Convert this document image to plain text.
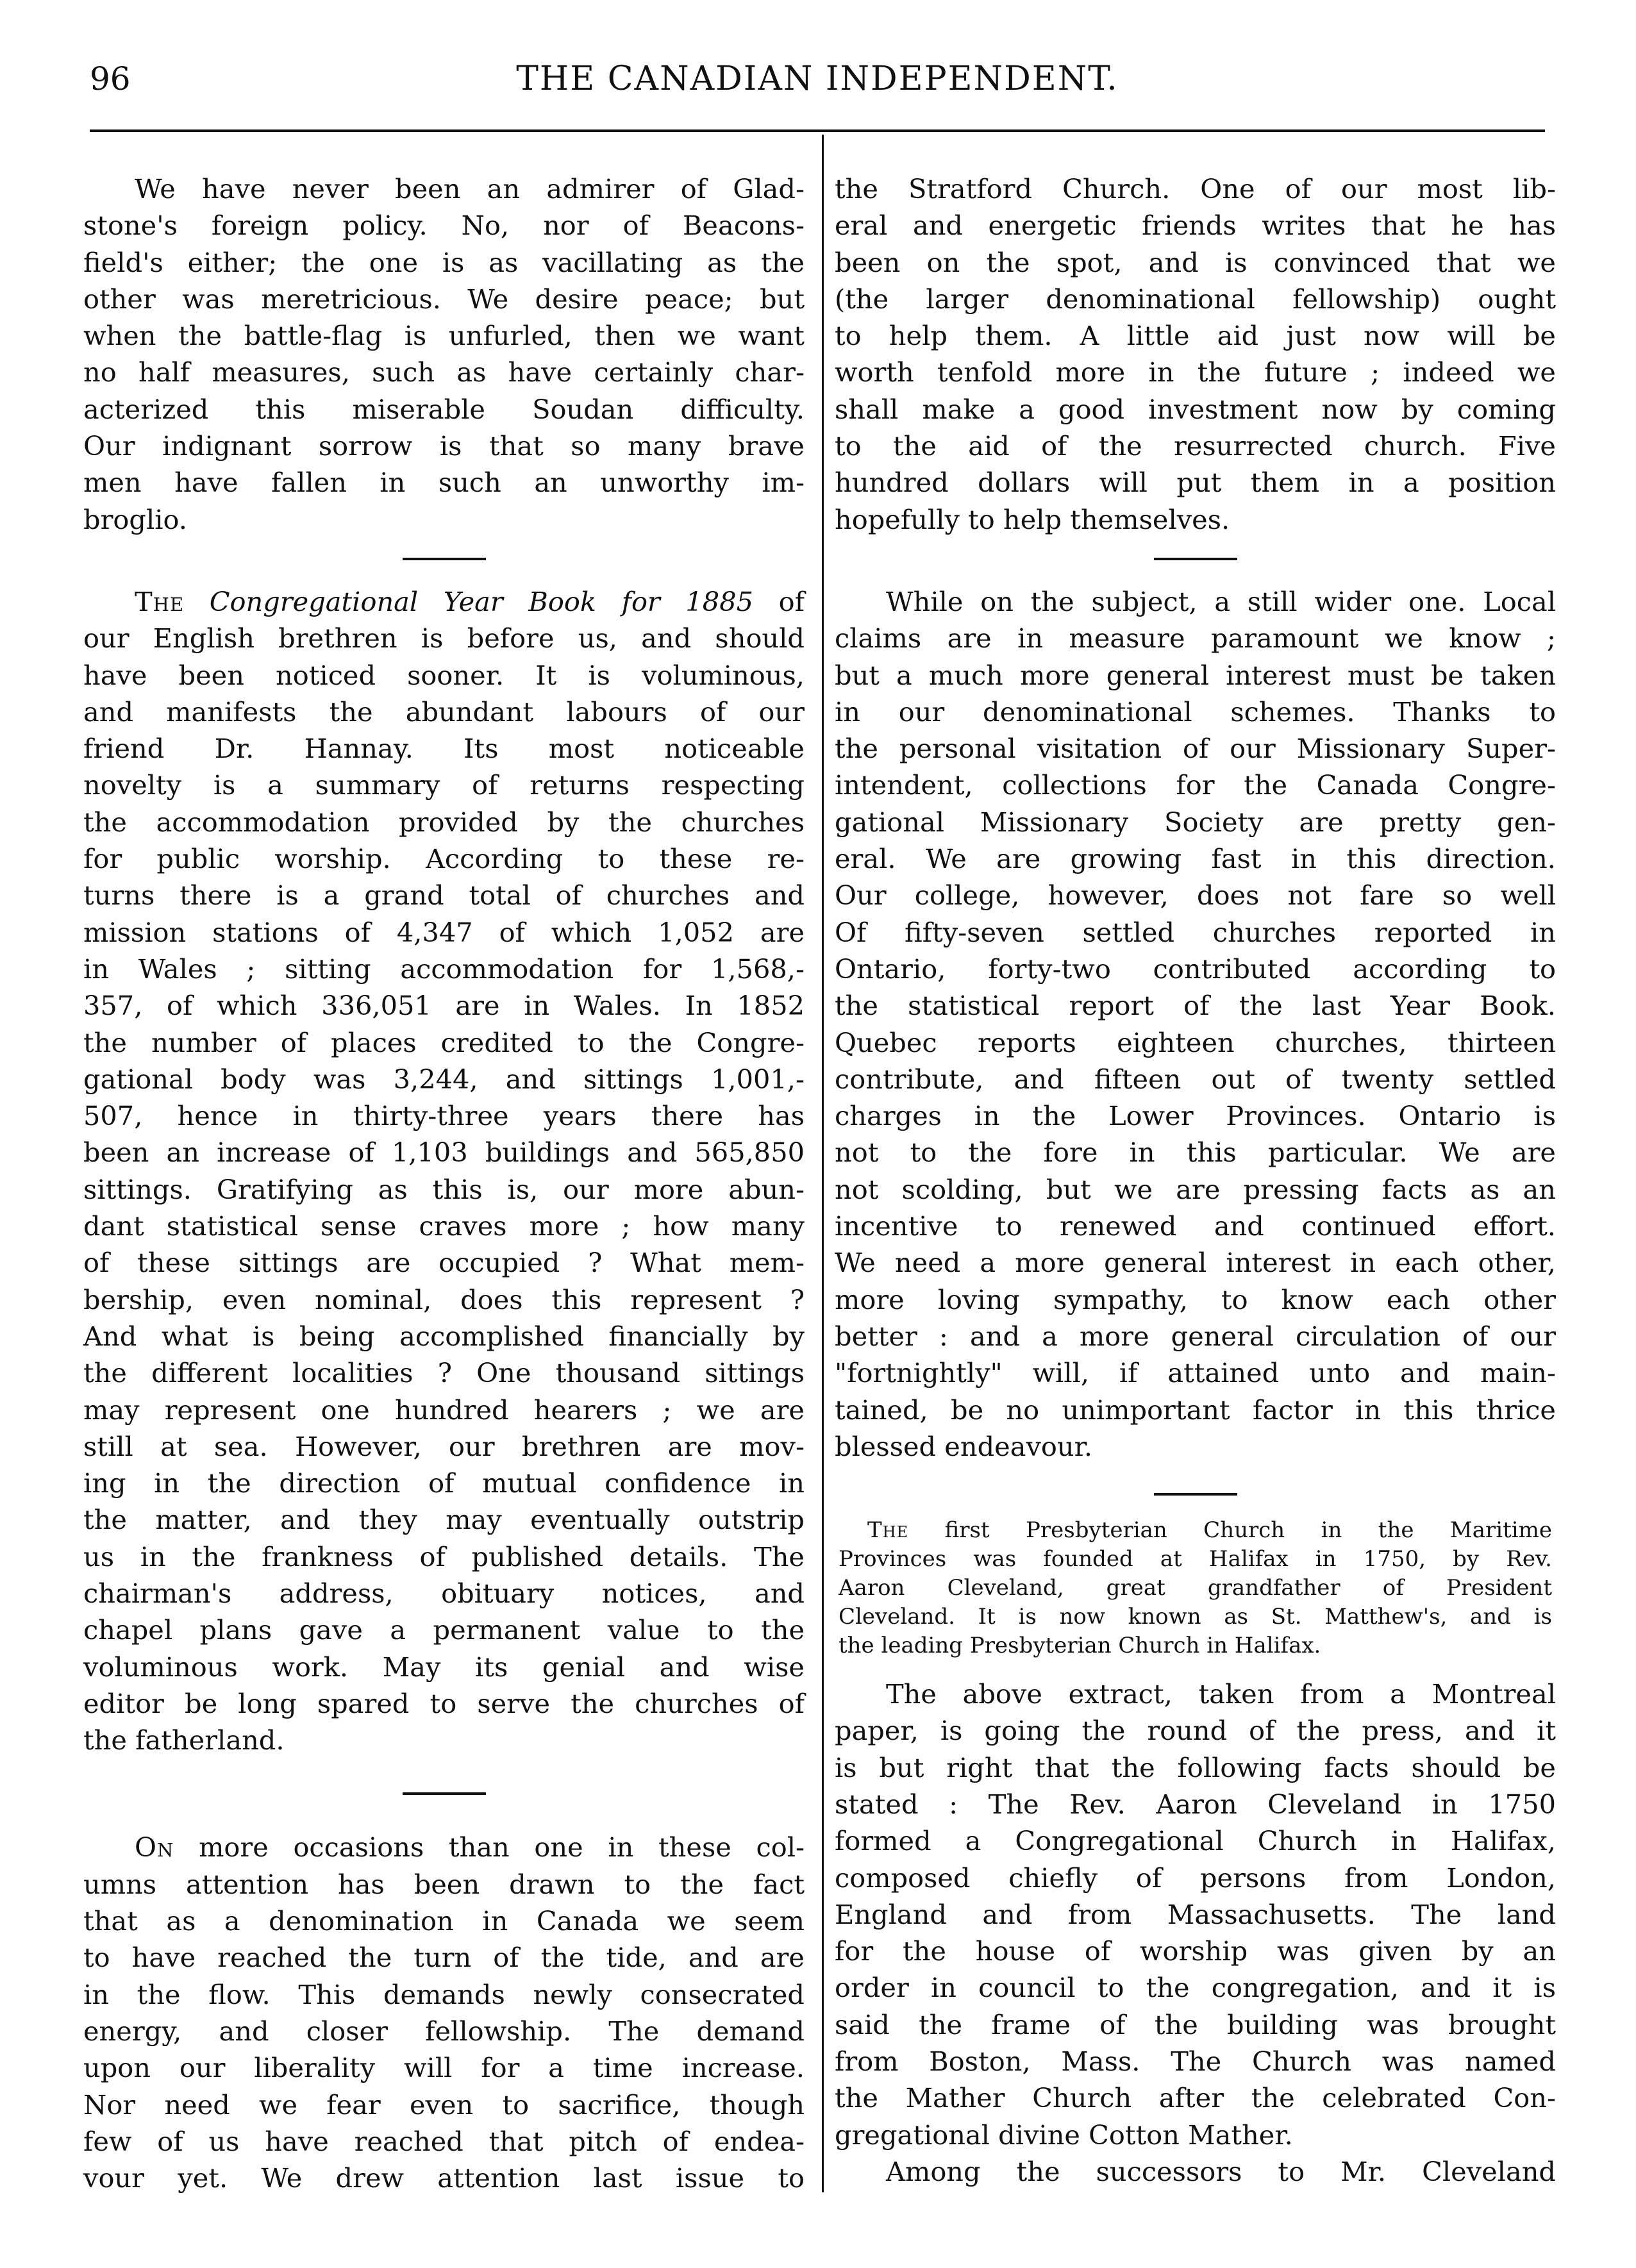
96	THE CANADIAN INDEPENDENT.

We have never been an admirer of Glad-

stone's foreign policy. No, nor of Beacons-

field's either; the one is as vacillating as the

other was meretricious. We desire peace; but

when the battle-flag is unfurled, then we want

no half measures, such as have certainly char-

acterized this miserable Soudan difficulty.

Our indignant sorrow is that so many brave

men have fallen in such an unworthy im-

broglio.

The Congregational Year Book for 1885 of

our English brethren is before us, and should

have been noticed sooner. It is voluminous,

and manifests the abundant labours of our

friend Dr. Hannay. Its most noticeable

novelty is a summary of returns respecting

the accommodation provided by the churches

for public worship. According to these re-

turns there is a grand total of churches and

mission stations of 4,347 of which 1,052 are

in Wales ; sitting accommodation for 1,568,-

357, of which 336,051 are in Wales. In 1852

the number of places credited to the Congre-

gational body was 3,244, and sittings 1,001,-

507, hence in thirty-three years there has

been an increase of 1,103 buildings and 565,850

sittings. Gratifying as this is, our more abun-

dant statistical sense craves more ; how many

of these sittings are occupied ? What mem-

bership, even nominal, does this represent ?

And what is being accomplished financially by

the different localities ? One thousand sittings

may represent one hundred hearers ; we are

still at sea. However, our brethren are mov-

ing in the direction of mutual confidence in

the matter, and they may eventually outstrip

us in the frankness of published details. The

chairman's address, obituary notices, and

chapel plans gave a permanent value to the

voluminous work. May its genial and wise

editor be long spared to serve the churches of

the fatherland.

On more occasions than one in these col-

umns attention has been drawn to the fact

that as a denomination in Canada we seem

to have reached the turn of the tide, and are

in the flow. This demands newly consecrated

energy, and closer fellowship. The demand

upon our liberality will for a time increase.

Nor need we fear even to sacrifice, though

few of us have reached that pitch of endea-

vour yet. We drew attention last issue to

the Stratford Church. One of our most lib-

eral and energetic friends writes that he has

been on the spot, and is convinced that we

(the larger denominational fellowship) ought

to help them. A little aid just now will be

worth tenfold more in the future ; indeed we

shall make a good investment now by coming

to the aid of the resurrected church. Five

hundred dollars will put them in a position

hopefully to help themselves.

While on the subject, a still wider one. Local

claims are in measure paramount we know ;

but a much more general interest must be taken

in our denominational schemes. Thanks to

the personal visitation of our Missionary Super-

intendent, collections for the Canada Congre-

gational Missionary Society are pretty gen-

eral. We are growing fast in this direction.

Our college, however, does not fare so well

Of fifty-seven settled churches reported in

Ontario, forty-two contributed according to

the statistical report of the last Year Book.

Quebec reports eighteen churches, thirteen

contribute, and fifteen out of twenty settled

charges in the Lower Provinces. Ontario is

not to the fore in this particular. We are

not scolding, but we are pressing facts as an

incentive to renewed and continued effort.

We need a more general interest in each other,

more loving sympathy, to know each other

better : and a more general circulation of our

"fortnightly" will, if attained unto and main-

tained, be no unimportant factor in this thrice

blessed endeavour.

The first Presbyterian Church in the Maritime

Provinces was founded at Halifax in 1750, by Rev.

Aaron Cleveland, great grandfather of President

Cleveland. It is now known as St. Matthew's, and is

the leading Presbyterian Church in Halifax.

The above extract, taken from a Montreal

paper, is going the round of the press, and it

is but right that the following facts should be

stated : The Rev. Aaron Cleveland in 1750

formed a Congregational Church in Halifax,

composed chiefly of persons from London,

England and from Massachusetts. The land

for the house of worship was given by an

order in council to the congregation, and it is

said the frame of the building was brought

from Boston, Mass. The Church was named

the Mather Church after the celebrated Con-

gregational divine Cotton Mather.

Among the successors to Mr. Cleveland
